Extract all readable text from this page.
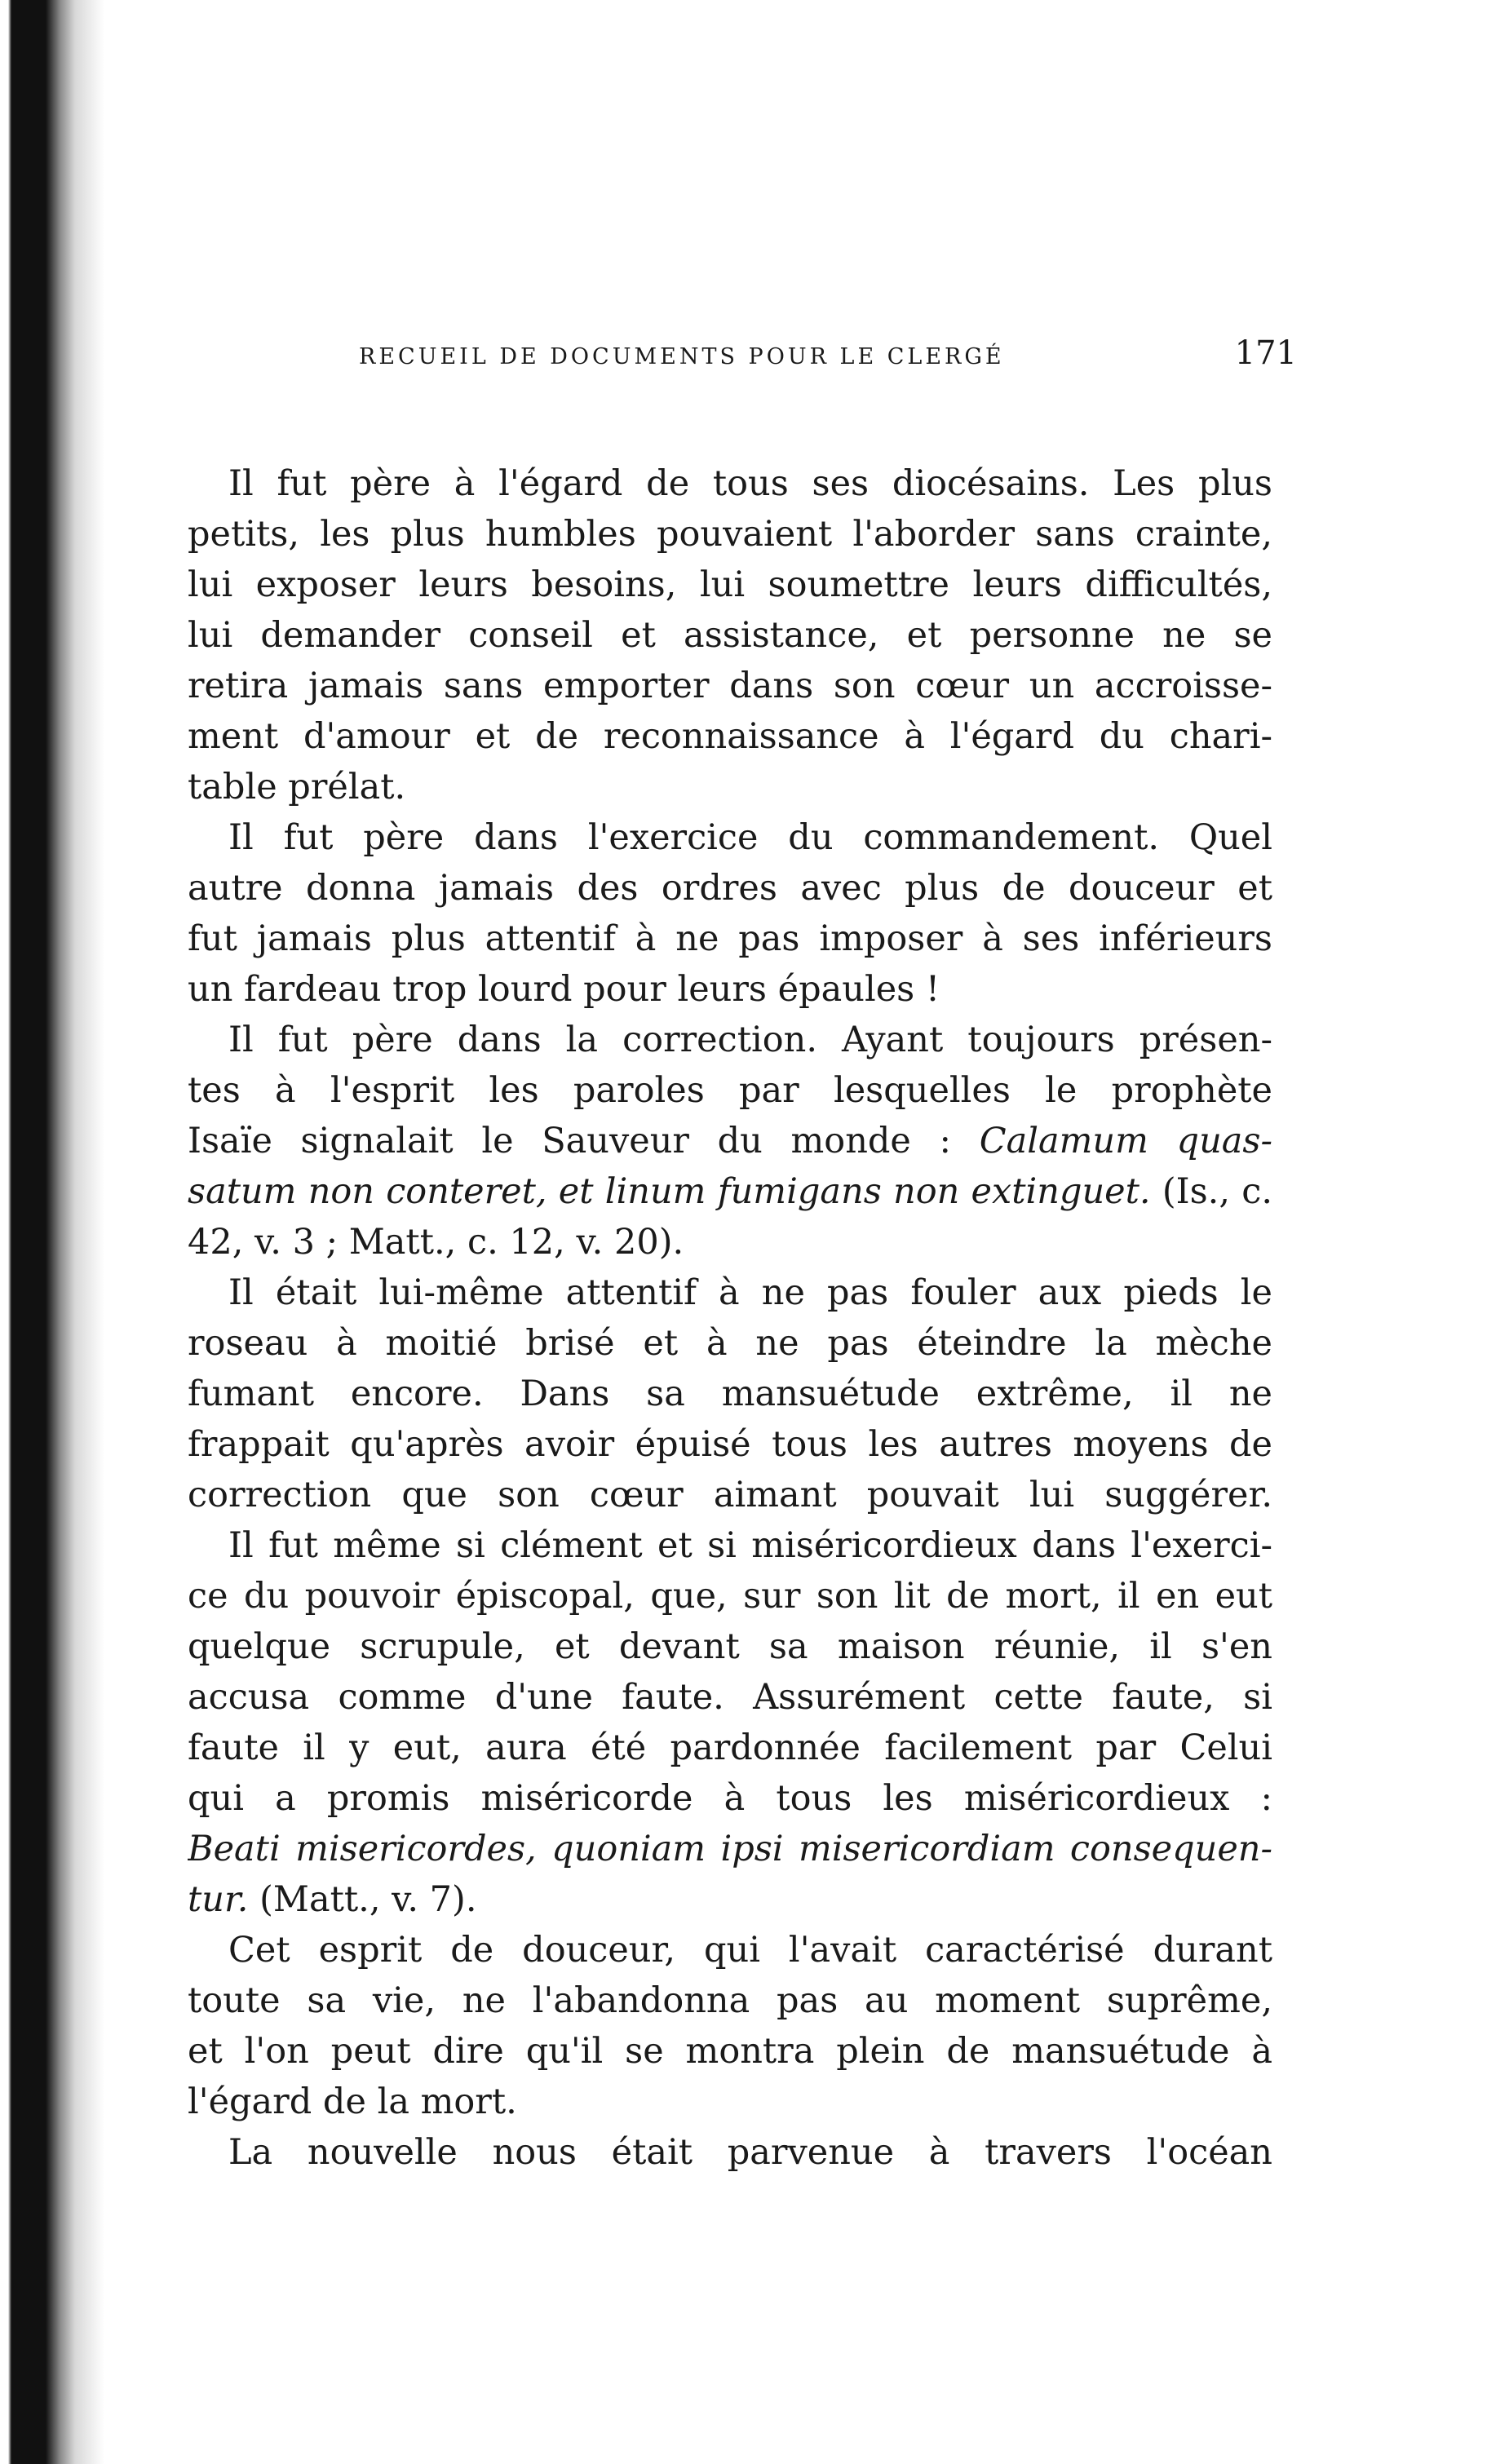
RECUEIL DE DOCUMENTS POUR LE CLERGÉ	171
Il fut père à l'égard de tous ses diocésains. Les plus
petits, les plus humbles pouvaient l'aborder sans crainte,
lui exposer leurs besoins, lui soumettre leurs difficultés,
lui demander conseil et assistance, et personne ne se
retira jamais sans emporter dans son cœur un accroisse-
ment d'amour et de reconnaissance à l'égard du chari-
table prélat.
Il fut père dans l'exercice du commandement. Quel
autre donna jamais des ordres avec plus de douceur et
fut jamais plus attentif à ne pas imposer à ses inférieurs
un fardeau trop lourd pour leurs épaules !
Il fut père dans la correction. Ayant toujours présen-
tes à l'esprit les paroles par lesquelles le prophète
Isaïe signalait le Sauveur du monde : Calamum quas-
satum non conteret, et linum fumigans non extinguet. (Is., c.
42, v. 3 ; Matt., c. 12, v. 20).
Il était lui-même attentif à ne pas fouler aux pieds le
roseau à moitié brisé et à ne pas éteindre la mèche
fumant encore. Dans sa mansuétude extrême, il ne
frappait qu'après avoir épuisé tous les autres moyens de
correction que son cœur aimant pouvait lui suggérer.
Il fut même si clément et si miséricordieux dans l'exerci-
ce du pouvoir épiscopal, que, sur son lit de mort, il en eut
quelque scrupule, et devant sa maison réunie, il s'en
accusa comme d'une faute. Assurément cette faute, si
faute il y eut, aura été pardonnée facilement par Celui
qui a promis miséricorde à tous les miséricordieux :
Beati misericordes, quoniam ipsi misericordiam consequen-
tur. (Matt., v. 7).
Cet esprit de douceur, qui l'avait caractérisé durant
toute sa vie, ne l'abandonna pas au moment suprême,
et l'on peut dire qu'il se montra plein de mansuétude à
l'égard de la mort.
La nouvelle nous était parvenue à travers l'océan
